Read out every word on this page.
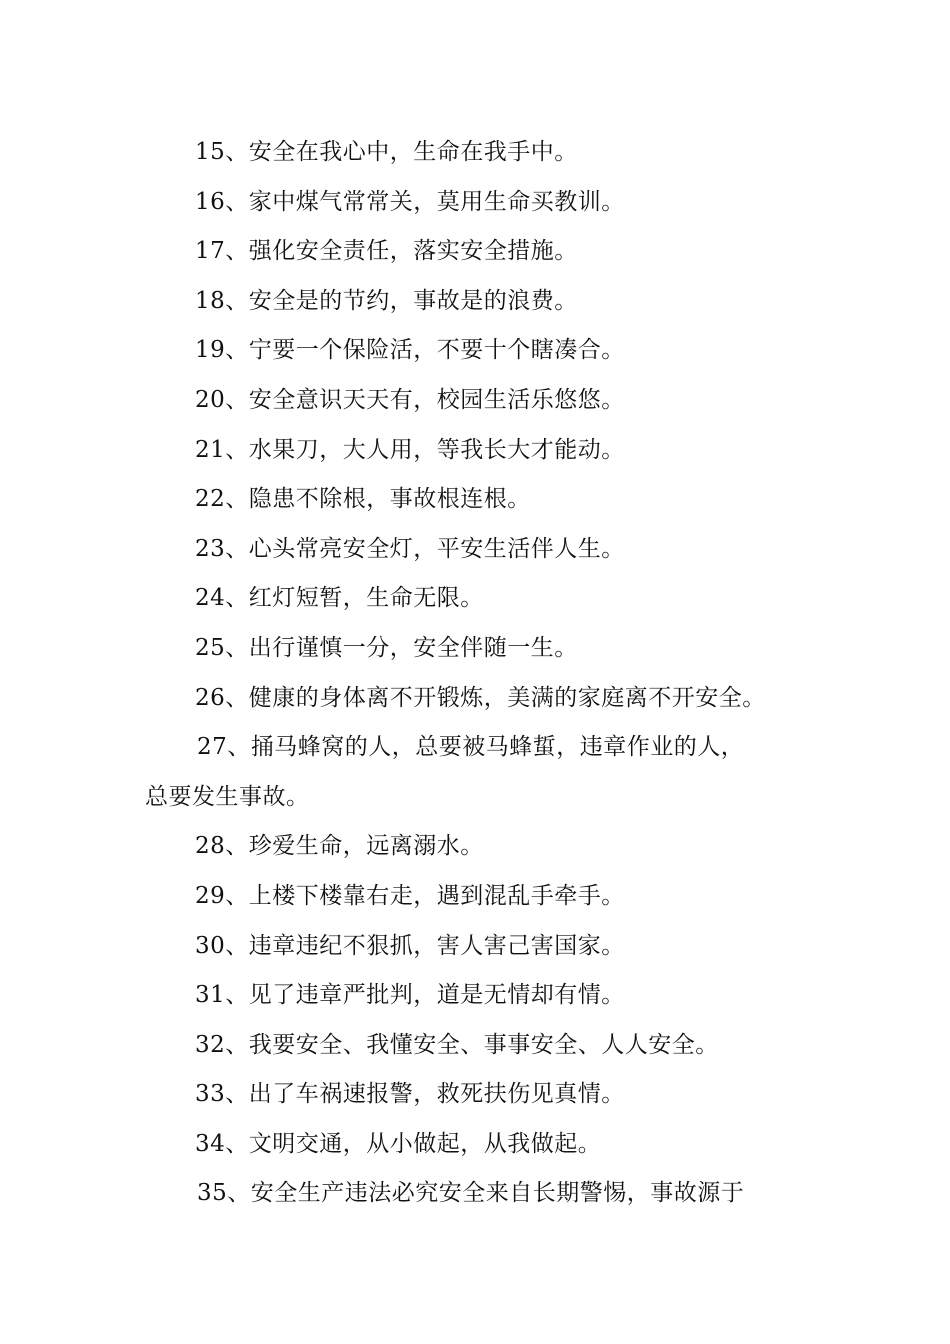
15、安全在我心中，生命在我手中。
16、家中煤气常常关，莫用生命买教训。
17、强化安全责任，落实安全措施。
18、安全是的节约，事故是的浪费。
19、宁要一个保险活，不要十个瞎凑合。
20、安全意识天天有，校园生活乐悠悠。
21、水果刀，大人用，等我长大才能动。
22、隐患不除根，事故根连根。
23、心头常亮安全灯，平安生活伴人生。
24、红灯短暂，生命无限。
25、出行谨慎一分，安全伴随一生。
26、健康的身体离不开锻炼，美满的家庭离不开安全。
27、捅马蜂窝的人，总要被马蜂蜇，违章作业的人，
总要发生事故。
28、珍爱生命，远离溺水。
29、上楼下楼靠右走，遇到混乱手牵手。
30、违章违纪不狠抓，害人害己害国家。
31、见了违章严批判，道是无情却有情。
32、我要安全、我懂安全、事事安全、人人安全。
33、出了车祸速报警，救死扶伤见真情。
34、文明交通，从小做起，从我做起。
35、安全生产违法必究安全来自长期警惕，事故源于
